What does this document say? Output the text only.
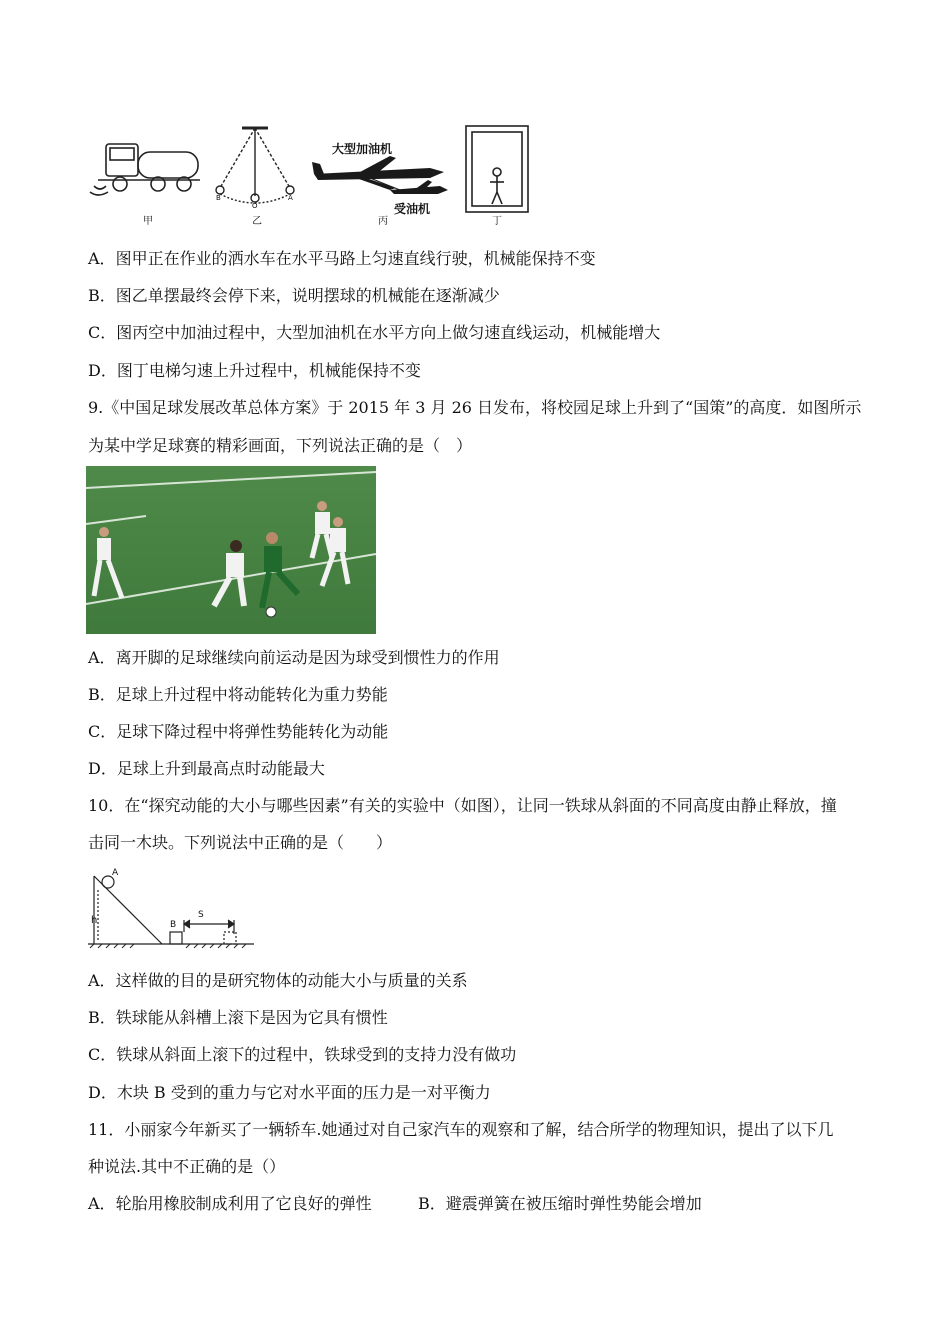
甲
B
O
A
乙
大型加油机
受油机
丙	丁
A．图甲正在作业的洒水车在水平马路上匀速直线行驶，机械能保持不变
B．图乙单摆最终会停下来，说明摆球的机械能在逐渐减少
C．图丙空中加油过程中，大型加油机在水平方向上做匀速直线运动，机械能增大
D．图丁电梯匀速上升过程中，机械能保持不变
9.《中国足球发展改革总体方案》于 2015 年 3 月 26 日发布，将校园足球上升到了“国策”的高度．如图所示
为某中学足球赛的精彩画面，下列说法正确的是（　）
A．离开脚的足球继续向前运动是因为球受到惯性力的作用
B．足球上升过程中将动能转化为重力势能
C．足球下降过程中将弹性势能转化为动能
D．足球上升到最高点时动能最大
10．在“探究动能的大小与哪些因素”有关的实验中（如图），让同一铁球从斜面的不同高度由静止释放，撞
击同一木块。下列说法中正确的是（　　）
A
h	B
S
A．这样做的目的是研究物体的动能大小与质量的关系
B．铁球能从斜槽上滚下是因为它具有惯性
C．铁球从斜面上滚下的过程中，铁球受到的支持力没有做功
D．木块 B 受到的重力与它对水平面的压力是一对平衡力
11．小丽家今年新买了一辆轿车.她通过对自己家汽车的观察和了解，结合所学的物理知识，提出了以下几
种说法.其中不正确的是（）
A．轮胎用橡胶制成利用了它良好的弹性	B．避震弹簧在被压缩时弹性势能会增加
